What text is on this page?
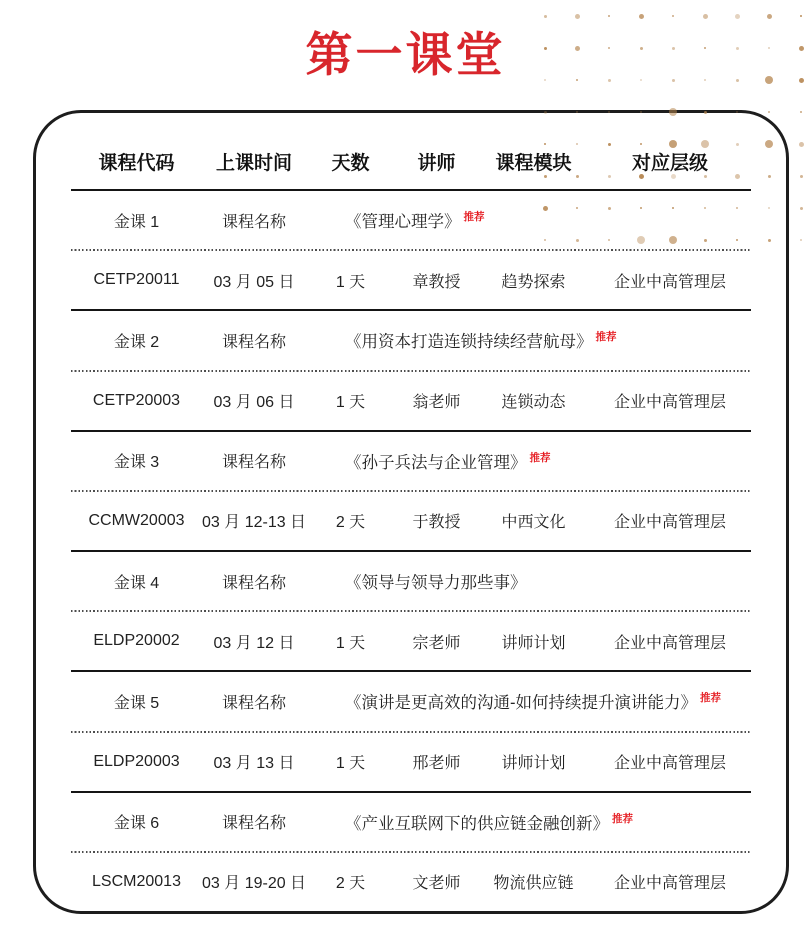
第一课堂
课程代码	上课时间	天数	讲师	课程模块	对应层级
金课 1	课程名称	《管理心理学》 $^{推荐}$
CETP20011	03 月 05 日	1 天	章教授	趋势探索	企业中高管理层
金课 2	课程名称	《用资本打造连锁持续经营航母》 $^{推荐}$
CETP20003	03 月 06 日	1 天	翁老师	连锁动态	企业中高管理层
金课 3	课程名称	《孙子兵法与企业管理》 $^{推荐}$
CCMW20003	03 月 12-13 日	2 天	于教授	中西文化	企业中高管理层
金课 4	课程名称	《领导与领导力那些事》
ELDP20002	03 月 12 日	1 天	宗老师	讲师计划	企业中高管理层
金课 5	课程名称	《演讲是更高效的沟通-如何持续提升演讲能力》 $^{推荐}$
ELDP20003	03 月 13 日	1 天	邢老师	讲师计划	企业中高管理层
金课 6	课程名称	《产业互联网下的供应链金融创新》 $^{推荐}$
LSCM20013	03 月 19-20 日	2 天	文老师	物流供应链	企业中高管理层
